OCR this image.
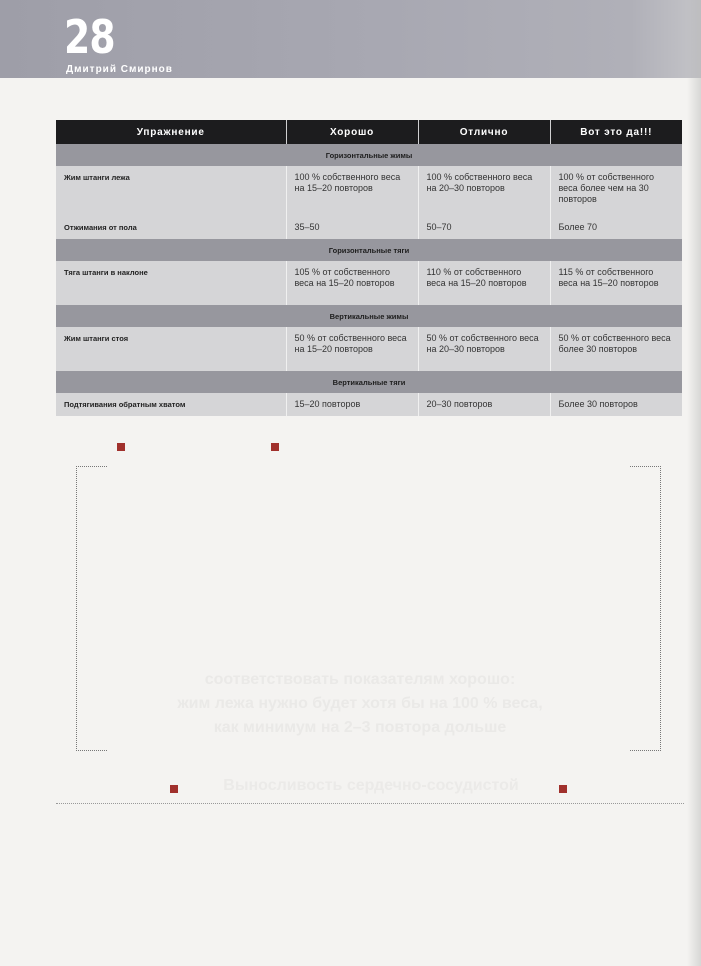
28
Дмитрий Смирнов
Упражнение	Хорошо	Отлично	Вот это да!!!
Горизонтальные жимы			
Жим штанги лежа	100 % собственного веса на 15–20 повторов	100 % собственного веса на 20–30 повторов	100 % от собственного веса более чем на 30 повторов
Отжимания от пола	35–50	50–70	Более 70
Горизонтальные тяги			
Тяга штанги в наклоне	105 % от собственного веса на 15–20 повторов	110 % от собственного веса на 15–20 повторов	115 % от собственного веса на 15–20 повторов
Вертикальные жимы			
Жим штанги стоя	50 % от собственного веса на 15–20 повторов	50 % от собственного веса на 20–30 повторов	50 % от собственного веса более 30 повторов
Вертикальные тяги			
Подтягивания обратным хватом	15–20 повторов	20–30 повторов	Более 30 повторов
соответствовать показателям хорошо:
жим лежа нужно будет хотя бы на 100 % веса,
как минимум на 2–3 повтора дольше
Выносливость сердечно-сосудистой
